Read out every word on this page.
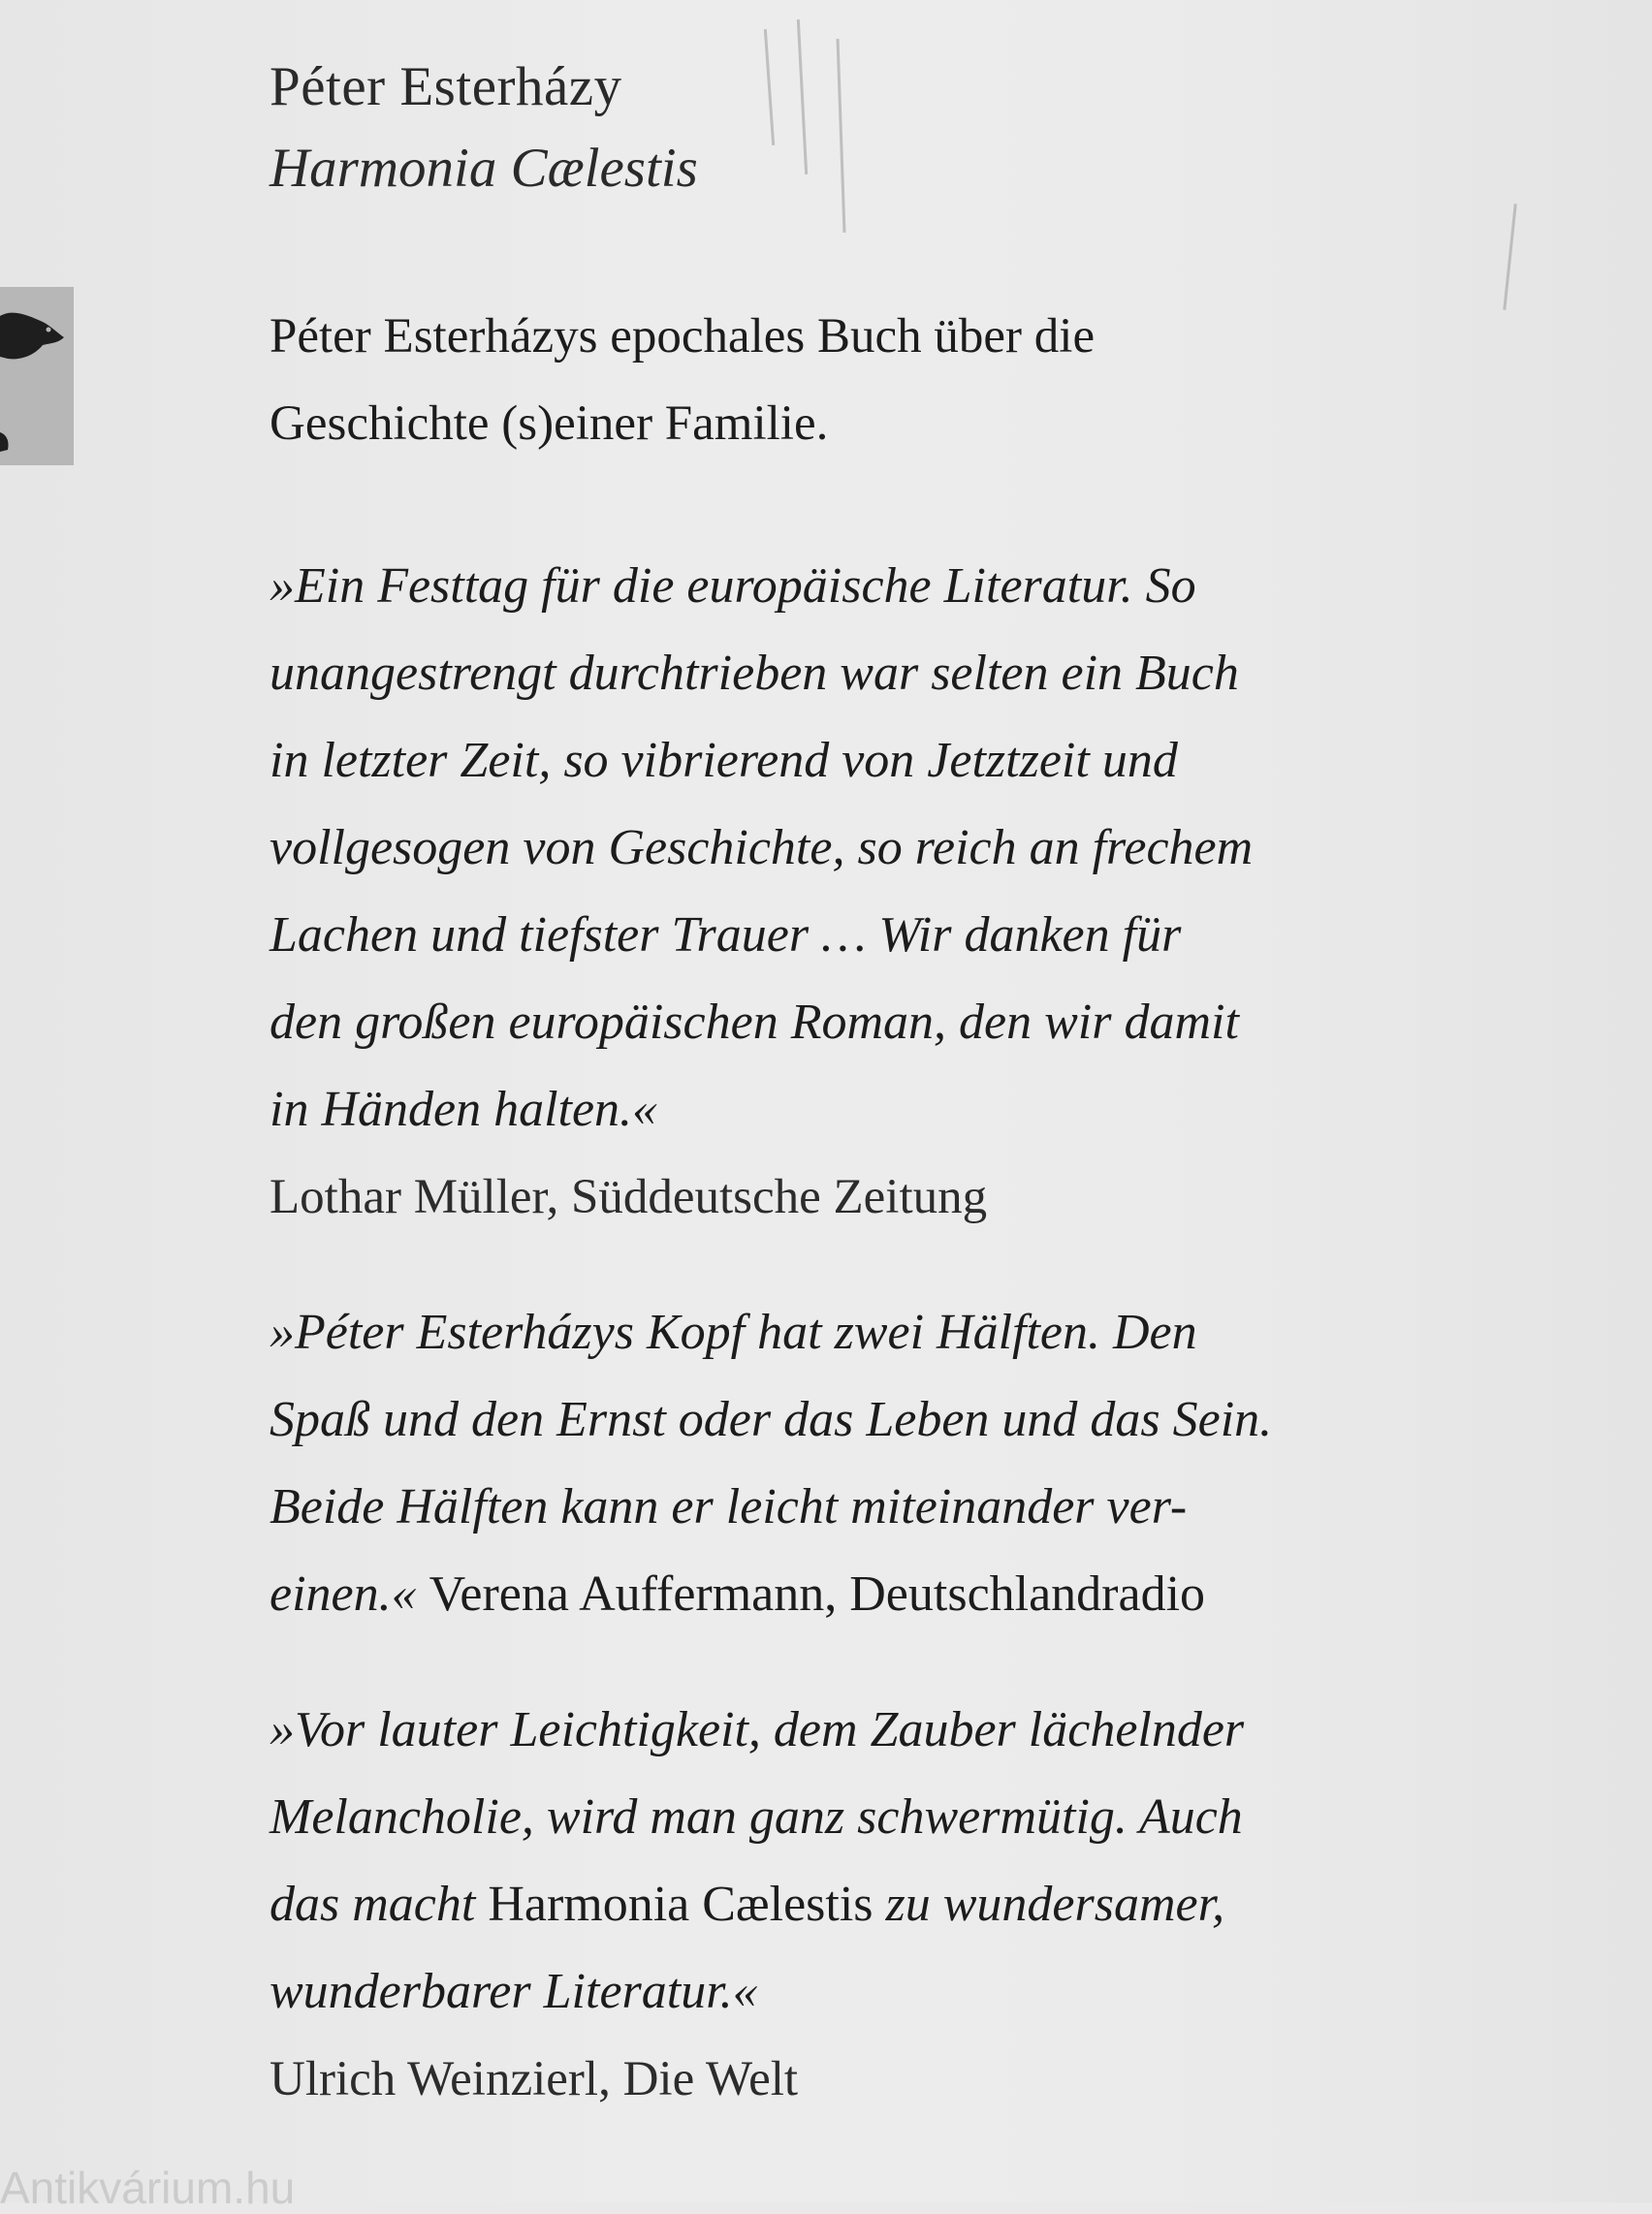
Péter Esterházy
Harmonia Cælestis
Péter Esterházys epochales Buch über die
Geschichte (s)einer Familie.
»Ein Festtag für die europäische Literatur. So
unangestrengt durchtrieben war selten ein Buch
in letzter Zeit, so vibrierend von Jetztzeit und
vollgesogen von Geschichte, so reich an frechem
Lachen und tiefster Trauer … Wir danken für
den großen europäischen Roman, den wir damit
in Händen halten.«
Lothar Müller, Süddeutsche Zeitung
»Péter Esterházys Kopf hat zwei Hälften. Den
Spaß und den Ernst oder das Leben und das Sein.
Beide Hälften kann er leicht miteinander ver-
einen.« Verena Auffermann, Deutschlandradio
»Vor lauter Leichtigkeit, dem Zauber lächelnder
Melancholie, wird man ganz schwermütig. Auch
das macht Harmonia Cælestis zu wundersamer,
wunderbarer Literatur.«
Ulrich Weinzierl, Die Welt
Antikvárium.hu
